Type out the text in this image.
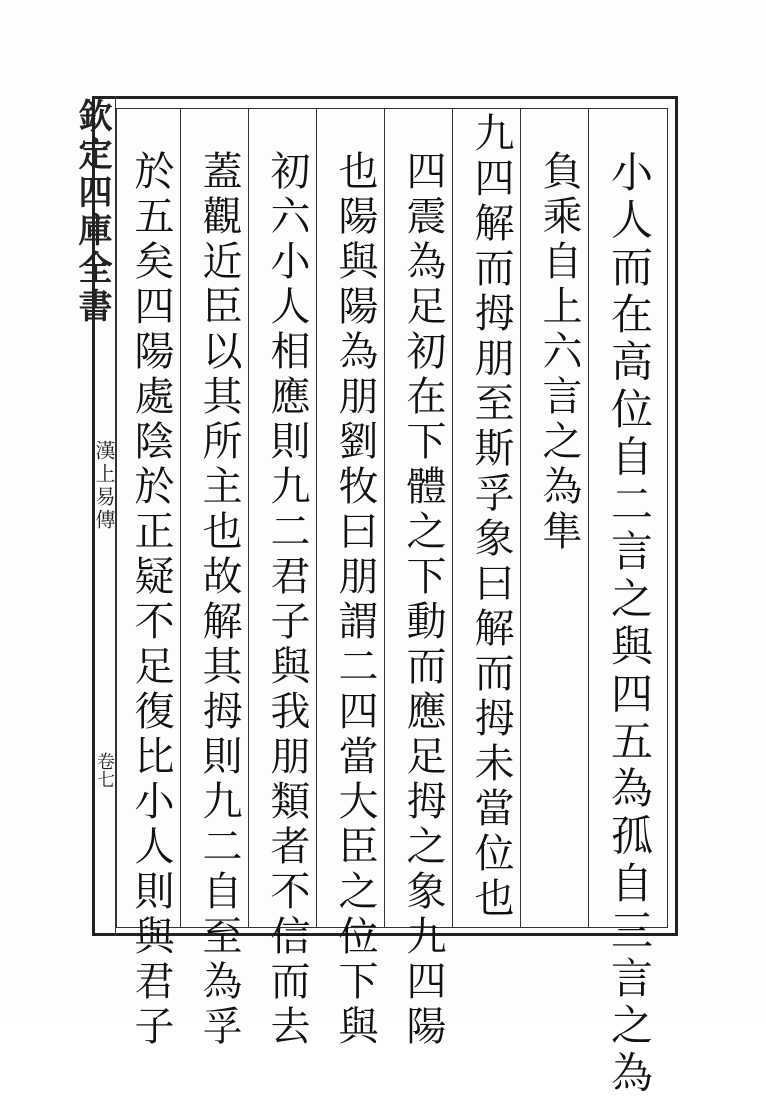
欽定四庫全書
漢上易傳
卷七	小人而在高位自二言之與四五為孤自三言之為
負乘自上六言之為隼
九四解而拇朋至斯孚象曰解而拇未當位也
四震為足初在下體之下動而應足拇之象九四陽
也陽與陽為朋劉牧曰朋謂二四當大臣之位下與
初六小人相應則九二君子與我朋類者不信而去
蓋觀近臣以其所主也故解其拇則九二自至為孚
於五矣四陽處陰於正疑不足復比小人則與君子
